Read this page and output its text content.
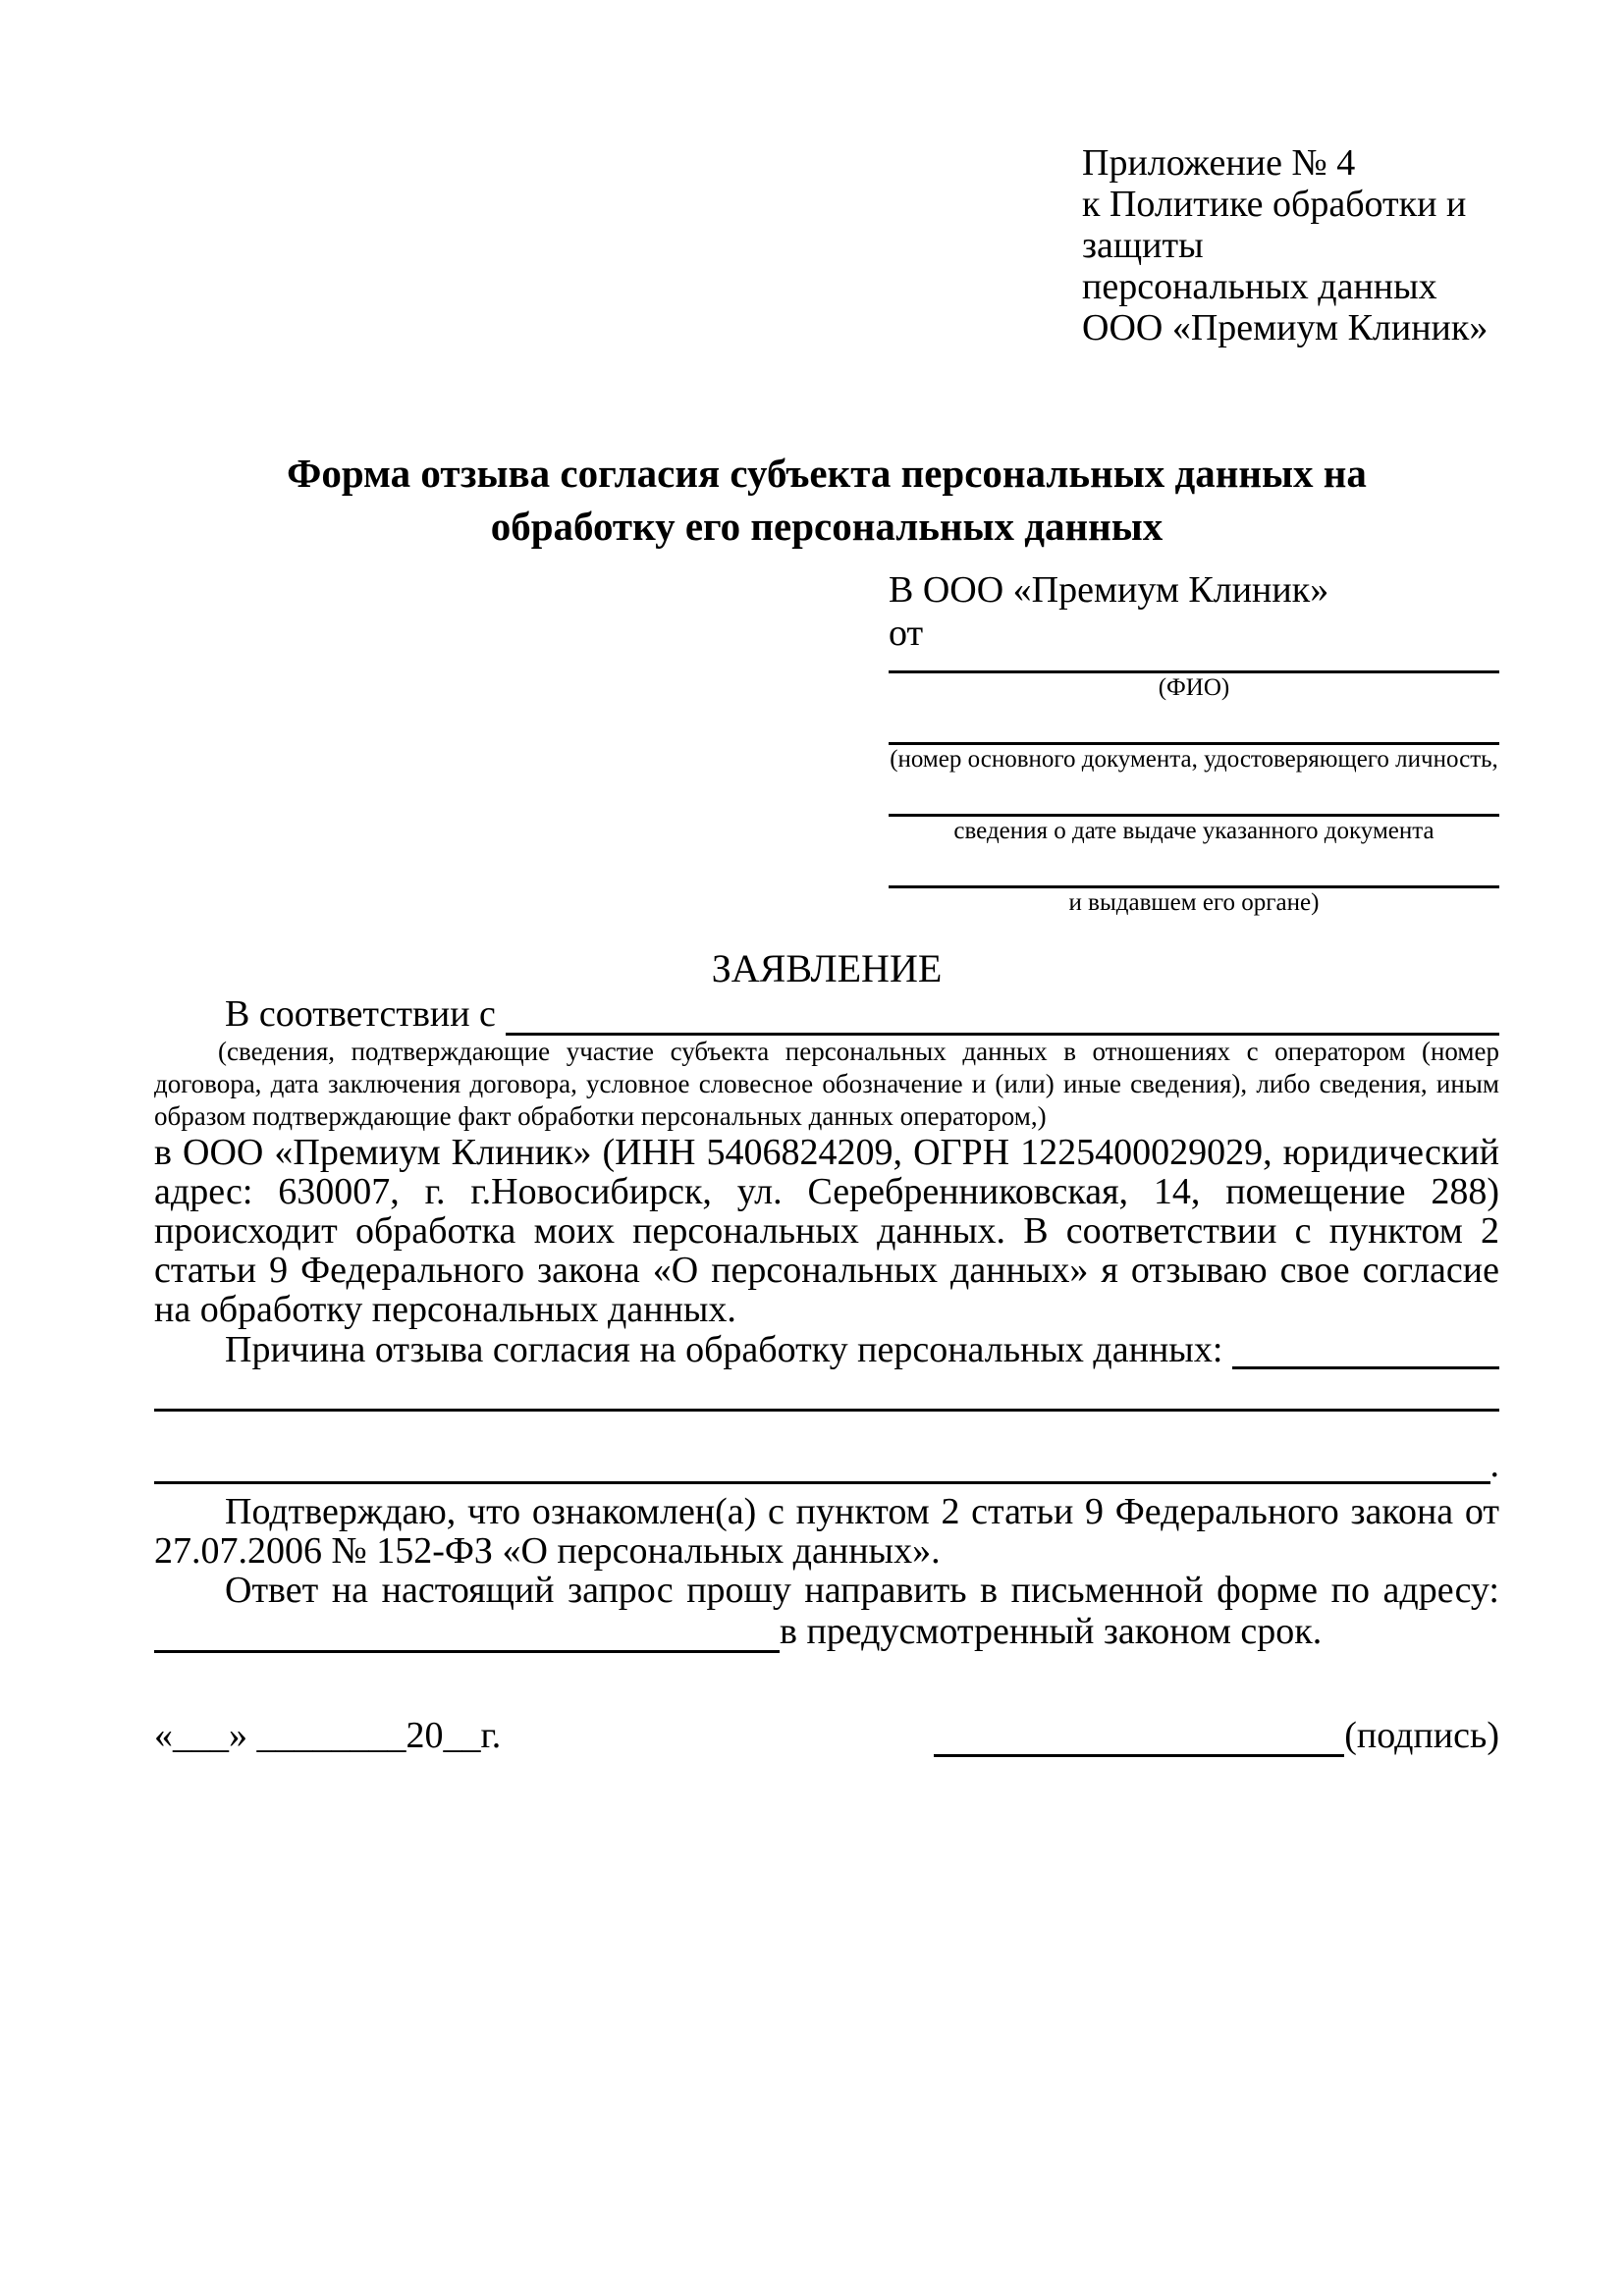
Приложение № 4
к Политике обработки и защиты
персональных данных
ООО «Премиум Клиник»
Форма отзыва согласия субъекта персональных данных на обработку его персональных данных
В ООО «Премиум Клиник»
от
(ФИО)
(номер основного документа, удостоверяющего личность,
сведения о дате выдаче указанного документа
и выдавшем его органе)
ЗАЯВЛЕНИЕ
В соответствии с

(сведения, подтверждающие участие субъекта персональных данных в отношениях с оператором (номер договора, дата заключения договора, условное словесное обозначение и (или) иные сведения), либо сведения, иным образом подтверждающие факт обработки персональных данных оператором,)

в ООО «Премиум Клиник» (ИНН 5406824209, ОГРН 1225400029029, юридический адрес: 630007, г. г.Новосибирск, ул. Серебренниковская, 14, помещение 288) происходит обработка моих персональных данных. В соответствии с пунктом 2 статьи 9 Федерального закона «О персональных данных» я отзываю свое согласие на обработку персональных данных.

Причина отзыва согласия на обработку персональных данных:
.

Подтверждаю, что ознакомлен(а) с пунктом 2 статьи 9 Федерального закона от 27.07.2006 № 152-ФЗ «О персональных данных».

Ответ на настоящий запрос прошу направить в письменной форме по адресу:
в предусмотренный законом срок.
«___» ________20__г.	(подпись)
